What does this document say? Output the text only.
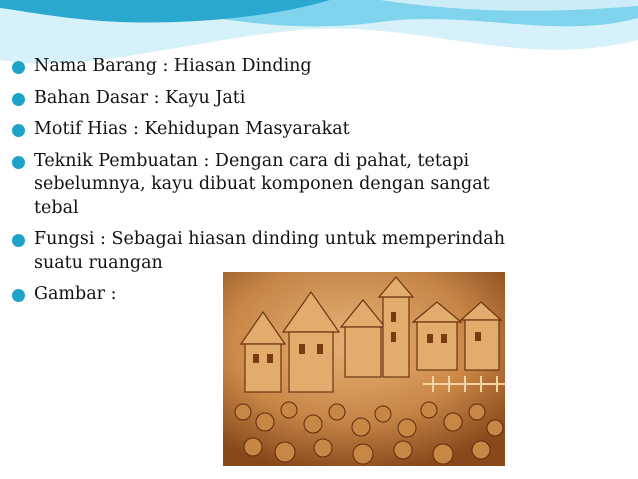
Nama Barang : Hiasan Dinding
Bahan Dasar : Kayu Jati
Motif Hias : Kehidupan Masyarakat
Teknik Pembuatan : Dengan cara di pahat, tetapi
sebelumnya, kayu dibuat komponen dengan sangat
tebal
Fungsi : Sebagai hiasan dinding untuk memperindah
suatu ruangan
Gambar :
